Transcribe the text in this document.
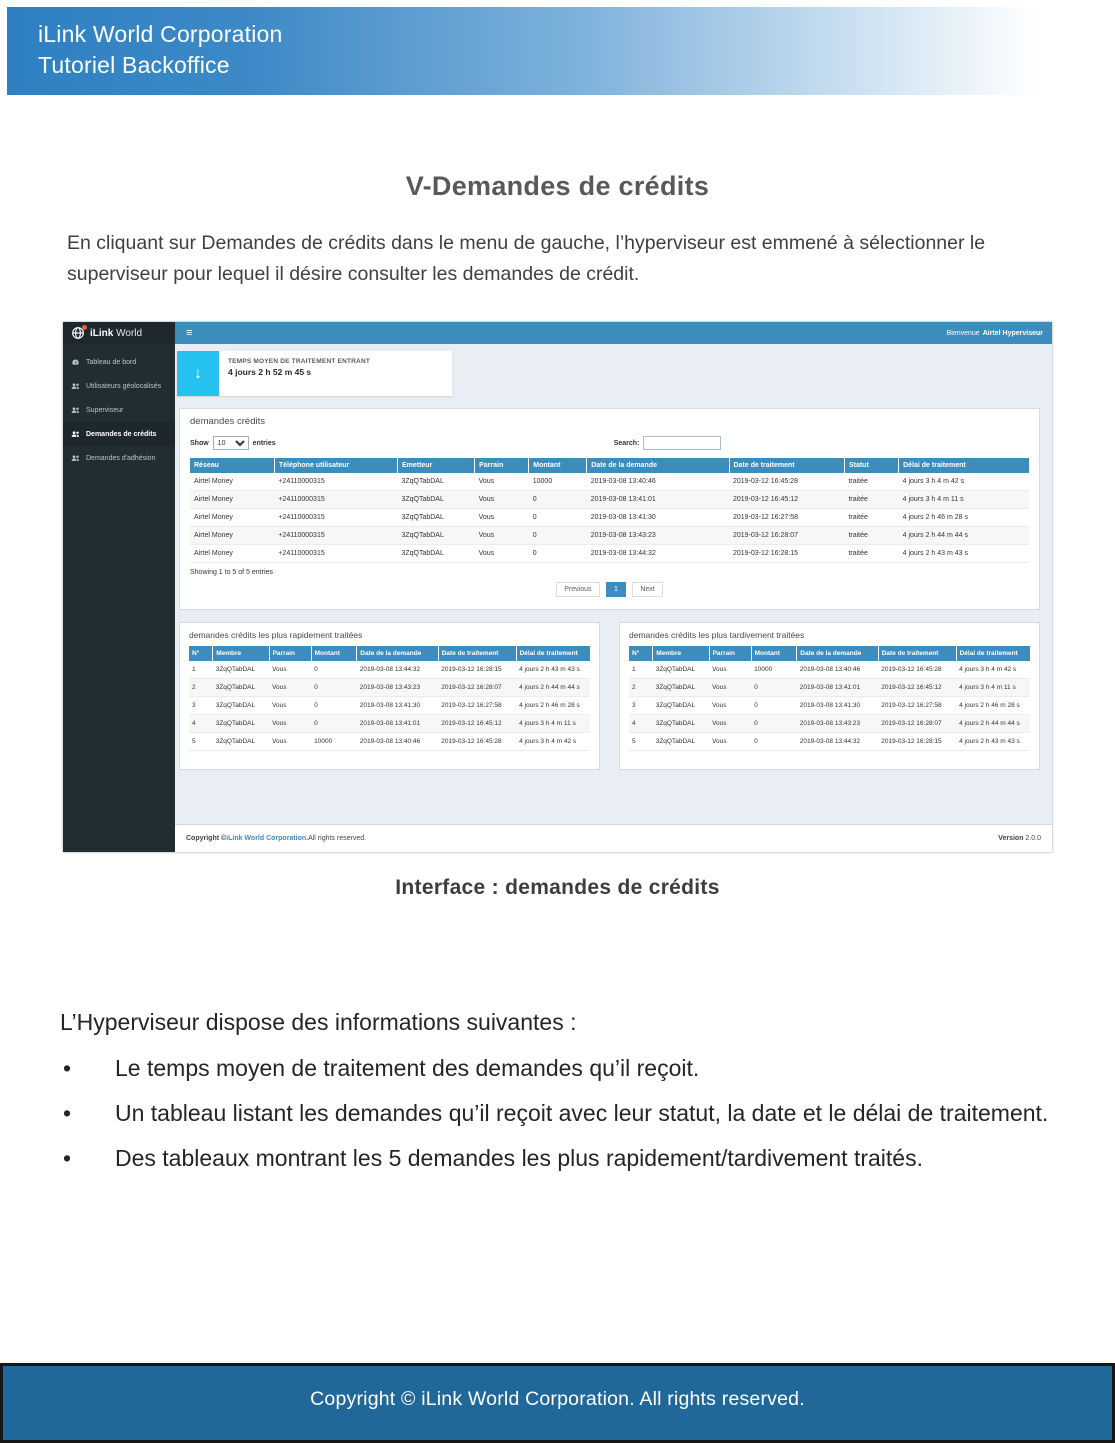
iLink World Corporation
Tutoriel Backoffice
V-Demandes de crédits
En cliquant sur Demandes de crédits dans le menu de gauche, l’hyperviseur est emmené à sélectionner le superviseur pour lequel il désire consulter les demandes de crédit.
iLink World	≡	Bienvenue Airtel Hyperviseur
Tableau de bord
Utilisateurs géolocalisés
Superviseur
Demandes de crédits
Demandes d'adhésion
↓
TEMPS MOYEN DE TRAITEMENT ENTRANT
4 jours 2 h 52 m 45 s
demandes crédits
Show
10	entries	Search:
Réseau	Téléphone utilisateur	Emetteur	Parrain	Montant	Date de la demande	Date de traitement	Statut	Délai de traitement
Airtel Money	+24110000315	3ZqQTabDAL	Vous	10000	2019-03-08 13:40:46	2019-03-12 16:45:28	traitée	4 jours 3 h 4 m 42 s
Airtel Money	+24110000315	3ZqQTabDAL	Vous	0	2019-03-08 13:41:01	2019-03-12 16:45:12	traitée	4 jours 3 h 4 m 11 s
Airtel Money	+24110000315	3ZqQTabDAL	Vous	0	2019-03-08 13:41:30	2019-03-12 16:27:58	traitée	4 jours 2 h 46 m 28 s
Airtel Money	+24110000315	3ZqQTabDAL	Vous	0	2019-03-08 13:43:23	2019-03-12 16:28:07	traitée	4 jours 2 h 44 m 44 s
Airtel Money	+24110000315	3ZqQTabDAL	Vous	0	2019-03-08 13:44:32	2019-03-12 16:28:15	traitée	4 jours 2 h 43 m 43 s
Showing 1 to 5 of 5 entries
Previous	1	Next
demandes crédits les plus rapidement traitées
N°	Membre	Parrain	Montant	Date de la demande	Date de traitement	Délai de traitement
1	3ZqQTabDAL	Vous	0	2019-03-08 13:44:32	2019-03-12 16:28:15	4 jours 2 h 43 m 43 s
2	3ZqQTabDAL	Vous	0	2019-03-08 13:43:23	2019-03-12 16:28:07	4 jours 2 h 44 m 44 s
3	3ZqQTabDAL	Vous	0	2019-03-08 13:41:30	2019-03-12 16:27:58	4 jours 2 h 46 m 28 s
4	3ZqQTabDAL	Vous	0	2019-03-08 13:41:01	2019-03-12 16:45:12	4 jours 3 h 4 m 11 s
5	3ZqQTabDAL	Vous	10000	2019-03-08 13:40:46	2019-03-12 16:45:28	4 jours 3 h 4 m 42 s
demandes crédits les plus tardivement traitées
N°	Membre	Parrain	Montant	Date de la demande	Date de traitement	Délai de traitement
1	3ZqQTabDAL	Vous	10000	2019-03-08 13:40:46	2019-03-12 16:45:28	4 jours 3 h 4 m 42 s
2	3ZqQTabDAL	Vous	0	2019-03-08 13:41:01	2019-03-12 16:45:12	4 jours 3 h 4 m 11 s
3	3ZqQTabDAL	Vous	0	2019-03-08 13:41:30	2019-03-12 16:27:58	4 jours 2 h 46 m 28 s
4	3ZqQTabDAL	Vous	0	2019-03-08 13:43:23	2019-03-12 16:28:07	4 jours 2 h 44 m 44 s
5	3ZqQTabDAL	Vous	0	2019-03-08 13:44:32	2019-03-12 16:28:15	4 jours 2 h 43 m 43 s
Copyright © iLink World Corporation. All rights reserved.	Version 2.0.0
Interface : demandes de crédits
L’Hyperviseur dispose des informations suivantes :
•
Le temps moyen de traitement des demandes qu’il reçoit.
•
Un tableau listant les demandes qu’il reçoit avec leur statut, la date et le délai de traitement.
•
Des tableaux montrant les 5 demandes les plus rapidement/tardivement traités.
Copyright © iLink World Corporation. All rights reserved.
